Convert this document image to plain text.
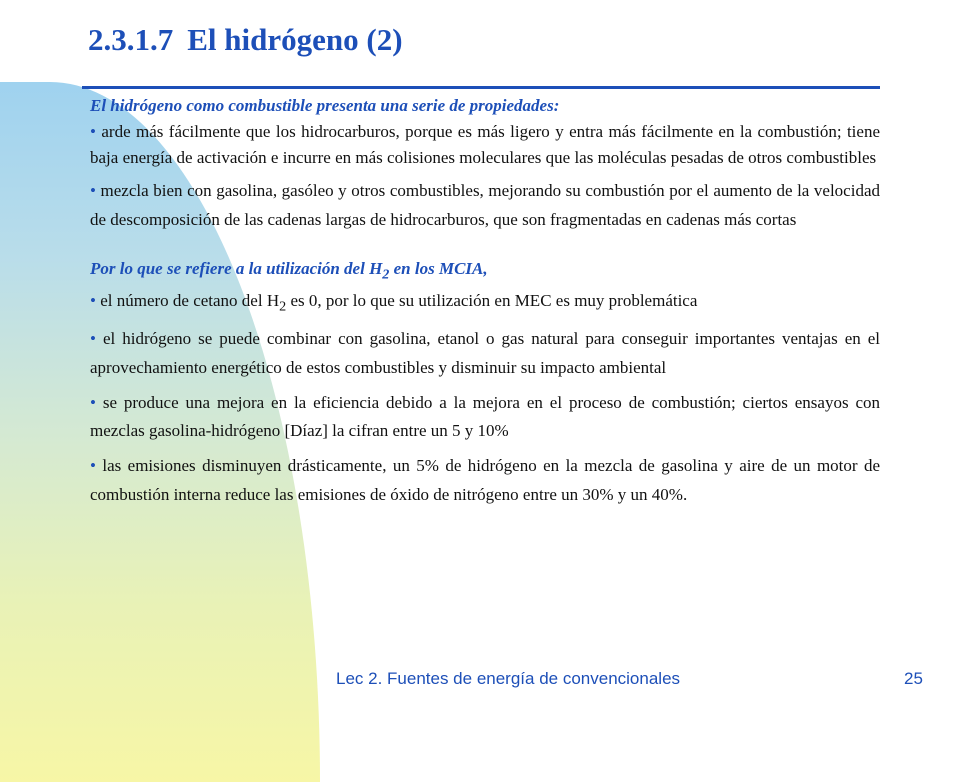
2.3.1.7 El hidrógeno (2)

El hidrógeno como combustible presenta una serie de propiedades:

• arde más fácilmente que los hidrocarburos, porque es más ligero y entra más fácilmente en la combustión; tiene baja energía de activación e incurre en más colisiones moleculares que las moléculas pesadas de otros combustibles

• mezcla bien con gasolina, gasóleo y otros combustibles, mejorando su combustión por el aumento de la velocidad de descomposición de las cadenas largas de hidrocarburos, que son fragmentadas en cadenas más cortas

Por lo que se refiere a la utilización del $H_2$ en los MCIA,

• el número de cetano del $H_2$ es 0, por lo que su utilización en MEC es muy problemática

• el hidrógeno se puede combinar con gasolina, etanol o gas natural para conseguir importantes ventajas en el aprovechamiento energético de estos combustibles y disminuir su impacto ambiental

• se produce una mejora en la eficiencia debido a la mejora en el proceso de combustión; ciertos ensayos con mezclas gasolina-hidrógeno [Díaz] la cifran entre un 5 y 10%

• las emisiones disminuyen drásticamente, un 5% de hidrógeno en la mezcla de gasolina y aire de un motor de combustión interna reduce las emisiones de óxido de nitrógeno entre un 30% y un 40%.

Lec 2. Fuentes de energía de convencionales	25
